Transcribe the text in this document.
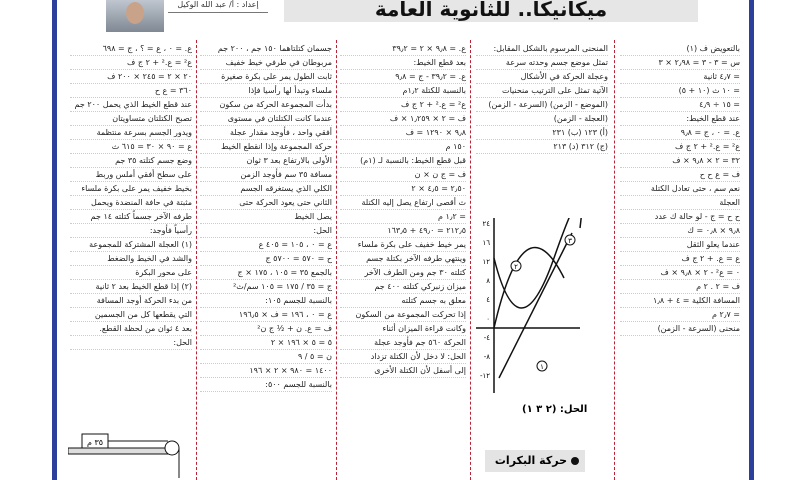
إعداد : أ/ عبد الله الوكيل	ميكانيكا.. للثانوية العامة
بالتعويض ف (١)
س = ٣ - ٣ = ٢٫٩٨ × ٣
= ٤٫٧ ثانية
= ١٠ ث (١٠ + ٥)
= ١٥ ÷ ٤٫٩
عند قطع الخيط:
ع. = ٠ ، ج = ٩٫٨
ع² = ع.² + ٢ ج ف
٣٢ = ٢ × ٩٫٨ × ف
ف = ع ح ح
نعم سم ، حتى تعادل الكتلة
العجلة
ح ح = ج - لو حالة ك عدد
٩٫٨ × ٠٫٨ = ك
عندما يعلو الثقل
ع = ع. + ٢ ج ف
٠ = ع² - ٢ × ٩٫٨ × ف
ف = ٢ . ٢ م
المسافة الكلية = ٤ + ١٫٨
= ٢٫٧ م
منحنى (السرعة - الزمن)
المنحنى المرسوم بالشكل المقابل:
تمثل موضع جسم وحدته سرعة
وعجلة الحركة في الأشكال
الآتية تمثل على الترتيب منحنيات
(الموضع - الزمن) (السرعة - الزمن)
(العجلة - الزمن)
(أ) ١٢٣ (ب) ٢٣١
(ج) ٣١٢ (د) ٢١٣
ع. = ٩٫٨ × ٢ = ٣٩٫٢
بعد قطع الخيط:
ع. = ٣٩٫٢ - ج = ٩٫٨
بالنسبة للكتلة ١٫٢م
ع² = ع.² + ٢ ج ف
ف = ٢ × ١٫٢٥٩ × ف
٩٫٨ × ١٢٩٠ = ف
١٥٠ م
قبل قطع الخيط: بالنسبة لـ (١م)
ف = ج ن × ن
٢٫٥٠ = ٤٫٥ × ٢
ث أقصى ارتفاع يصل إليه الكتلة
= ١٫٢ م
٢١٢٫٥ = ٤٩٫٠ + ١٦٣٫٥
يمر خيط خفيف على بكرة ملساء
وينتهي طرفه الآخر بكتلة جسم
كتلته ٣٠ جم ومن الطرف الآخر
ميزان زنبركي كتلته ٤٠٠ جم
معلق به جسم كتلته
إذا تحركت المجموعة من السكون
وكانت قراءة الميزان أثناء
الحركة ٥٦٠ جم فأوجد عجلة
الحل: لا دخل لأن الكتلة تزداد
إلى أسفل لأن الكتلة الأخرى
جسمان كتلتاهما ١٥٠ جم ، ٢٠٠ جم
مربوطان في طرفي خيط خفيف
ثابت الطول يمر على بكرة صغيرة
ملساء وتبدأ لها رأسيا فإذا
بدأت المجموعة الحركة من سكون
عندما كانت الكتلتان في مستوى
أفقي واحد ، فأوجد مقدار عجلة
حركة المجموعة وإذا انقطع الخيط
الأولى بالارتفاع بعد ٣ ثوان
مسافة ٣٥ سم فأوجد الزمن
الكلي الذي يستغرقه الجسم
الثاني حتى يعود الحركة حتى
يصل الخيط
الحل:
ع = ٠ ، ١٠٥ = ٤٠٥ ع
ح = ٥٧٠ = ٥٧٠٠ ج
بالجمع ٣٥ = ١٠٥ ، ١٧٥ × ج
ج = ٣٥ / ١٧٥ = ١٠٥ سم/ث²
بالنسبة للجسم ١٠٥:
ع = ٠ ، ١٩٦ = ف × ١٩٦٫٥
ف = ع. ن + ½ ج ن²
٥ = ٥ × ١٩٦ × ٢
ن = ٥ / ٩
١٤٠٠ = ٩٨٠ × ٢ × ١٩٦
بالنسبة للجسم ٥٠٠:
ع. = ٠ ، ع = ؟ ، ج = ٦٩٨
ع² = ع.² + ٢ ج ف
٢٠ × ٢ = ٢٤٥ × ٢٠٠ ف
٣٦٠ = ع ح
عند قطع الخيط الذي يحمل ٢٠٠ جم
تصبح الكتلتان متساويتان
ويدور الجسم بسرعة منتظمة
ع = ٩٠ × ٣٠ = ٦١٥ ث
وضع جسم كتلته ٣٥ جم
على سطح أفقي أملس وربط
بخيط خفيف يمر على بكرة ملساء
مثبتة في حافة المنضدة ويحمل
طرفه الآخر جسماً كتلته ١٤ جم
رأسياً فأوجد:
(١) العجلة المشتركة للمجموعة
والشد في الخيط والضغط
على محور البكرة
(٢) إذا قطع الخيط بعد ٢ ثانية
من بدء الحركة أوجد المسافة
التي يقطعها كل من الجسمين
بعد ٤ ثوان من لحظة القطع.
الحل:
٢٤
١٦
١٢
٨
٤
٠
-٤
-٨
-١٢
١
٢
٣
الحل: (٢ ٣ ١)
حركة البكرات
٣٥ م
